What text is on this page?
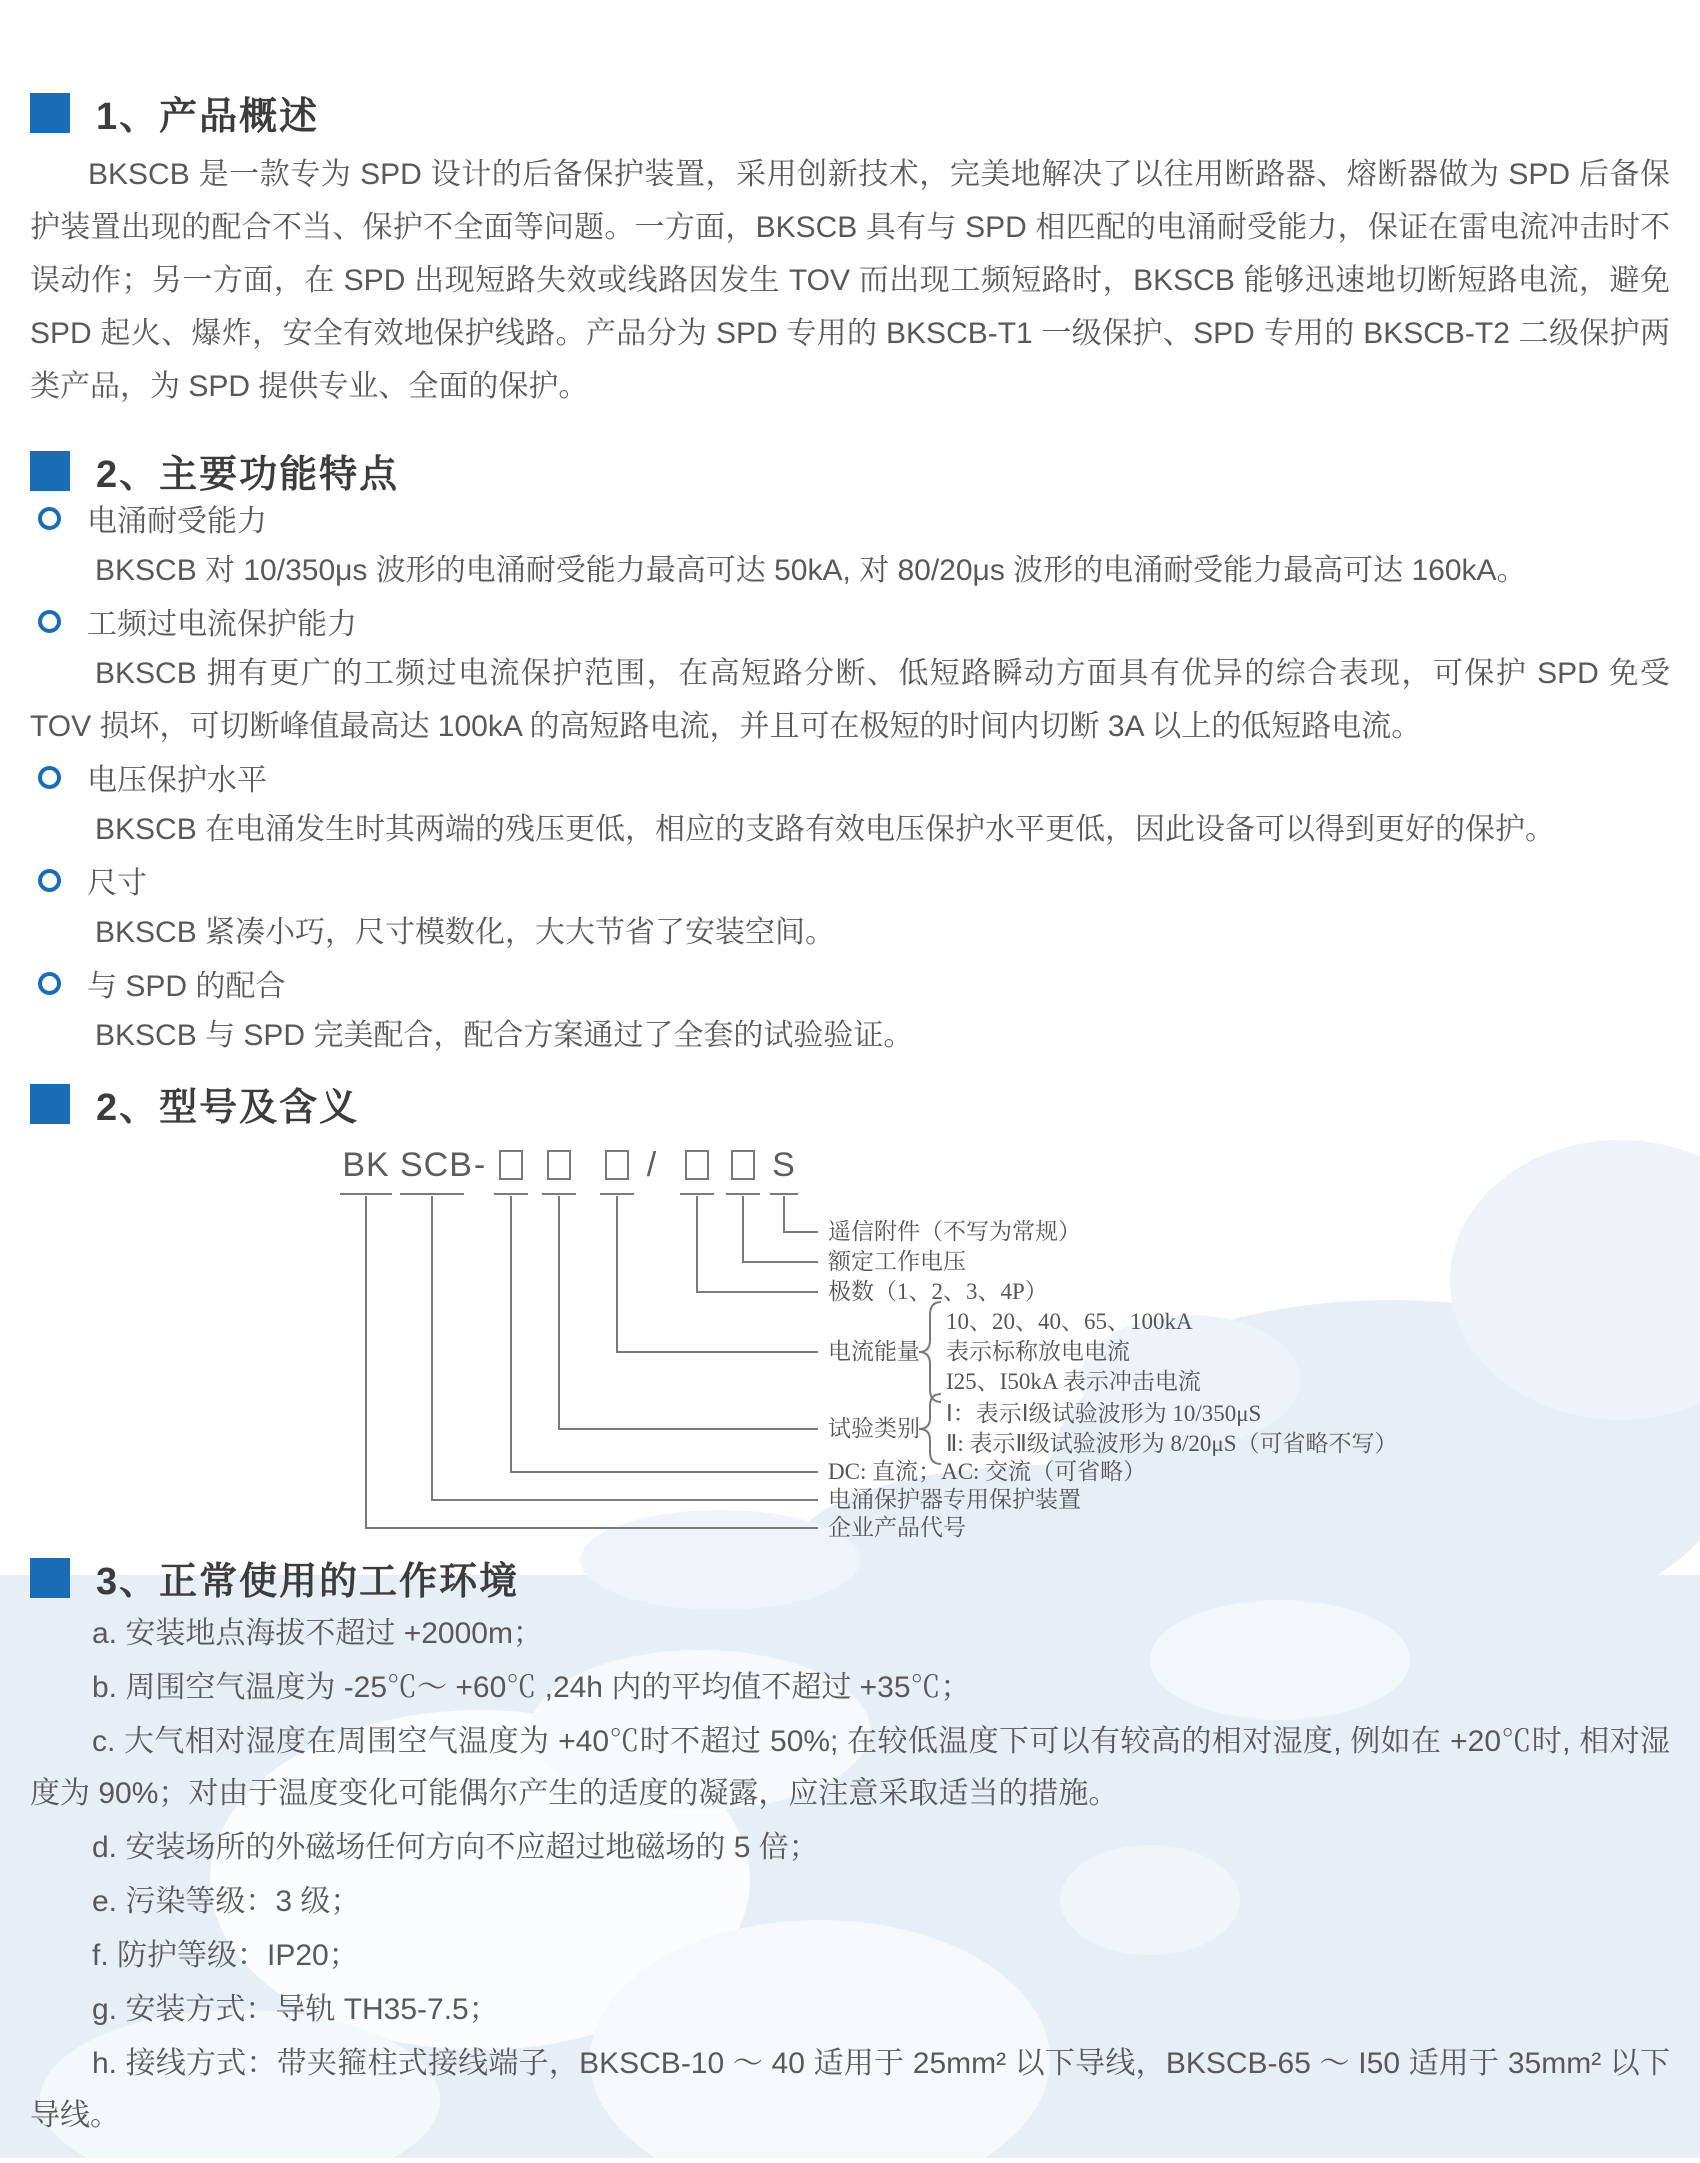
1、产品概述
BKSCB 是一款专为 SPD 设计的后备保护装置，采用创新技术，完美地解决了以往用断路器、熔断器做为 SPD 后备保护装置出现的配合不当、保护不全面等问题。一方面，BKSCB 具有与 SPD 相匹配的电涌耐受能力，保证在雷电流冲击时不误动作；另一方面，在 SPD 出现短路失效或线路因发生 TOV 而出现工频短路时，BKSCB 能够迅速地切断短路电流，避免 SPD 起火、爆炸，安全有效地保护线路。产品分为 SPD 专用的 BKSCB-T1 一级保护、SPD 专用的 BKSCB-T2 二级保护两类产品，为 SPD 提供专业、全面的保护。
2、主要功能特点
电涌耐受能力
BKSCB 对 10/350μs 波形的电涌耐受能力最高可达 50kA, 对 80/20μs 波形的电涌耐受能力最高可达 160kA。
工频过电流保护能力
BKSCB 拥有更广的工频过电流保护范围，在高短路分断、低短路瞬动方面具有优异的综合表现，可保护 SPD 免受 TOV 损坏，可切断峰值最高达 100kA 的高短路电流，并且可在极短的时间内切断 3A 以上的低短路电流。
电压保护水平
BKSCB 在电涌发生时其两端的残压更低，相应的支路有效电压保护水平更低，因此设备可以得到更好的保护。
尺寸
BKSCB 紧凑小巧，尺寸模数化，大大节省了安装空间。
与 SPD 的配合
BKSCB 与 SPD 完美配合，配合方案通过了全套的试验验证。
2、型号及含义
BK SCB -	/	S
遥信附件（不写为常规）
额定工作电压
极数（1、2、3、4P）
电流能量
10、20、40、65、100kA
表示标称放电电流
I25、I50kA 表示冲击电流
试验类别
Ⅰ：表示Ⅰ级试验波形为 10/350μS
Ⅱ: 表示Ⅱ级试验波形为 8/20μS（可省略不写）
DC: 直流；AC: 交流（可省略）
电涌保护器专用保护装置
企业产品代号
3、正常使用的工作环境
a. 安装地点海拔不超过 +2000m；
b. 周围空气温度为 -25℃～ +60℃ ,24h 内的平均值不超过 +35℃；
c. 大气相对湿度在周围空气温度为 +40℃时不超过 50%; 在较低温度下可以有较高的相对湿度, 例如在 +20℃时, 相对湿度为 90%；对由于温度变化可能偶尔产生的适度的凝露，应注意采取适当的措施。
d. 安装场所的外磁场任何方向不应超过地磁场的 5 倍；
e. 污染等级：3 级；
f. 防护等级：IP20；
g. 安装方式：导轨 TH35-7.5；
h. 接线方式：带夹箍柱式接线端子，BKSCB-10 ～ 40 适用于 25mm² 以下导线，BKSCB-65 ～ I50 适用于 35mm² 以下导线。
